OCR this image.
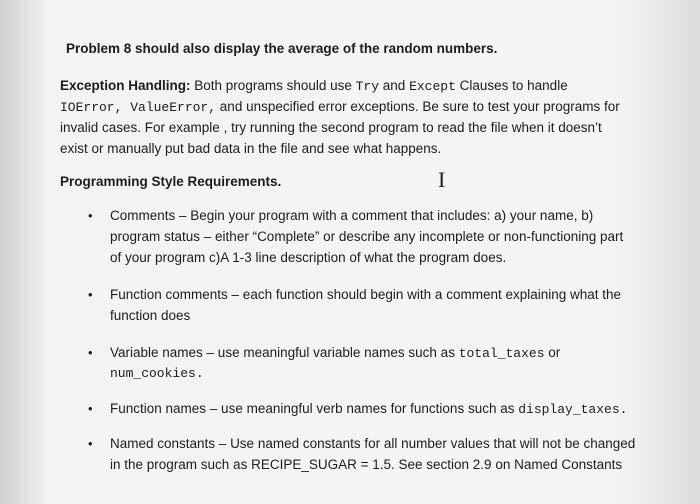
Problem 8 should also display the average of the random numbers.

Exception Handling: Both programs should use Try and Except Clauses to handle

IOError, ValueError, and unspecified error exceptions. Be sure to test your programs for

invalid cases. For example , try running the second program to read the file when it doesn’t

exist or manually put bad data in the file and see what happens.

Programming Style Requirements.	I
• Comments – Begin your program with a comment that includes: a) your name, b)

program status – either “Complete” or describe any incomplete or non-functioning part

of your program c)A 1-3 line description of what the program does.

• Function comments – each function should begin with a comment explaining what the

function does

• Variable names – use meaningful variable names such as total_taxes or

num_cookies.

• Function names – use meaningful verb names for functions such as display_taxes.

• Named constants – Use named constants for all number values that will not be changed

in the program such as RECIPE_SUGAR = 1.5. See section 2.9 on Named Constants
